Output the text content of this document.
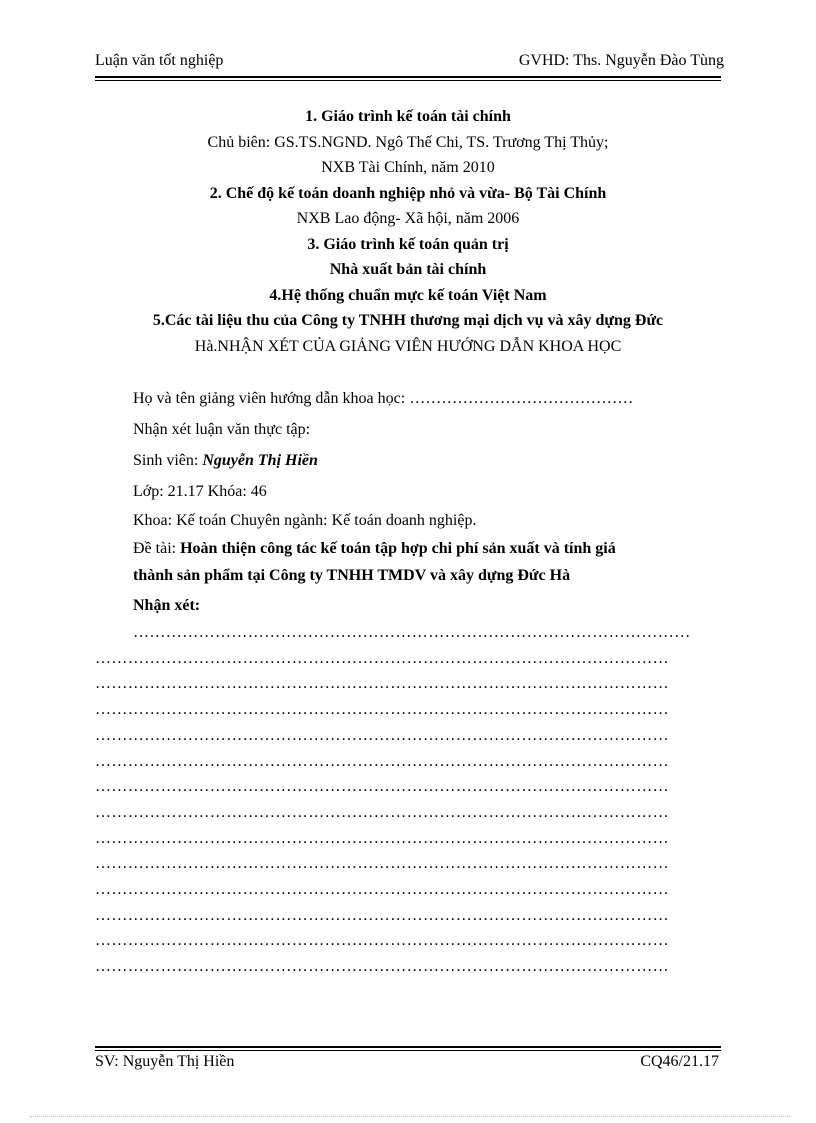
Luận văn tốt nghiệp	GVHD: Ths. Nguyễn Đào Tùng
1. Giáo trình kế toán tài chính
Chủ biên: GS.TS.NGND. Ngô Thế Chi, TS. Trương Thị Thủy;
NXB Tài Chính, năm 2010
2. Chế độ kế toán doanh nghiệp nhỏ và vừa- Bộ Tài Chính
NXB Lao động- Xã hội, năm 2006
3. Giáo trình kế toán quản trị
Nhà xuất bản tài chính
4.Hệ thống chuẩn mực kế toán Việt Nam
5.Các tài liệu thu của Công ty TNHH thương mại dịch vụ và xây dựng Đức
Hà.NHẬN XÉT CỦA GIẢNG VIÊN HƯỚNG DẪN KHOA HỌC
Họ và tên giảng viên hướng dẫn khoa học: ……………………………………
Nhận xét luận văn thực tập:
Sinh viên: Nguyễn Thị Hiền
Lớp: 21.17 Khóa: 46
Khoa: Kế toán Chuyên ngành: Kế toán doanh nghiệp.
Đề tài: Hoàn thiện công tác kế toán tập hợp chi phí sản xuất và tính giá
thành sản phẩm tại Công ty TNHH TMDV và xây dựng Đức Hà
Nhận xét:
…………………………………………………………………………………………
……………………………………………………………………………………………
……………………………………………………………………………………………
……………………………………………………………………………………………
……………………………………………………………………………………………
……………………………………………………………………………………………
……………………………………………………………………………………………
……………………………………………………………………………………………
……………………………………………………………………………………………
……………………………………………………………………………………………
……………………………………………………………………………………………
……………………………………………………………………………………………
……………………………………………………………………………………………
……………………………………………………………………………………………
SV: Nguyễn Thị Hiền	CQ46/21.17
